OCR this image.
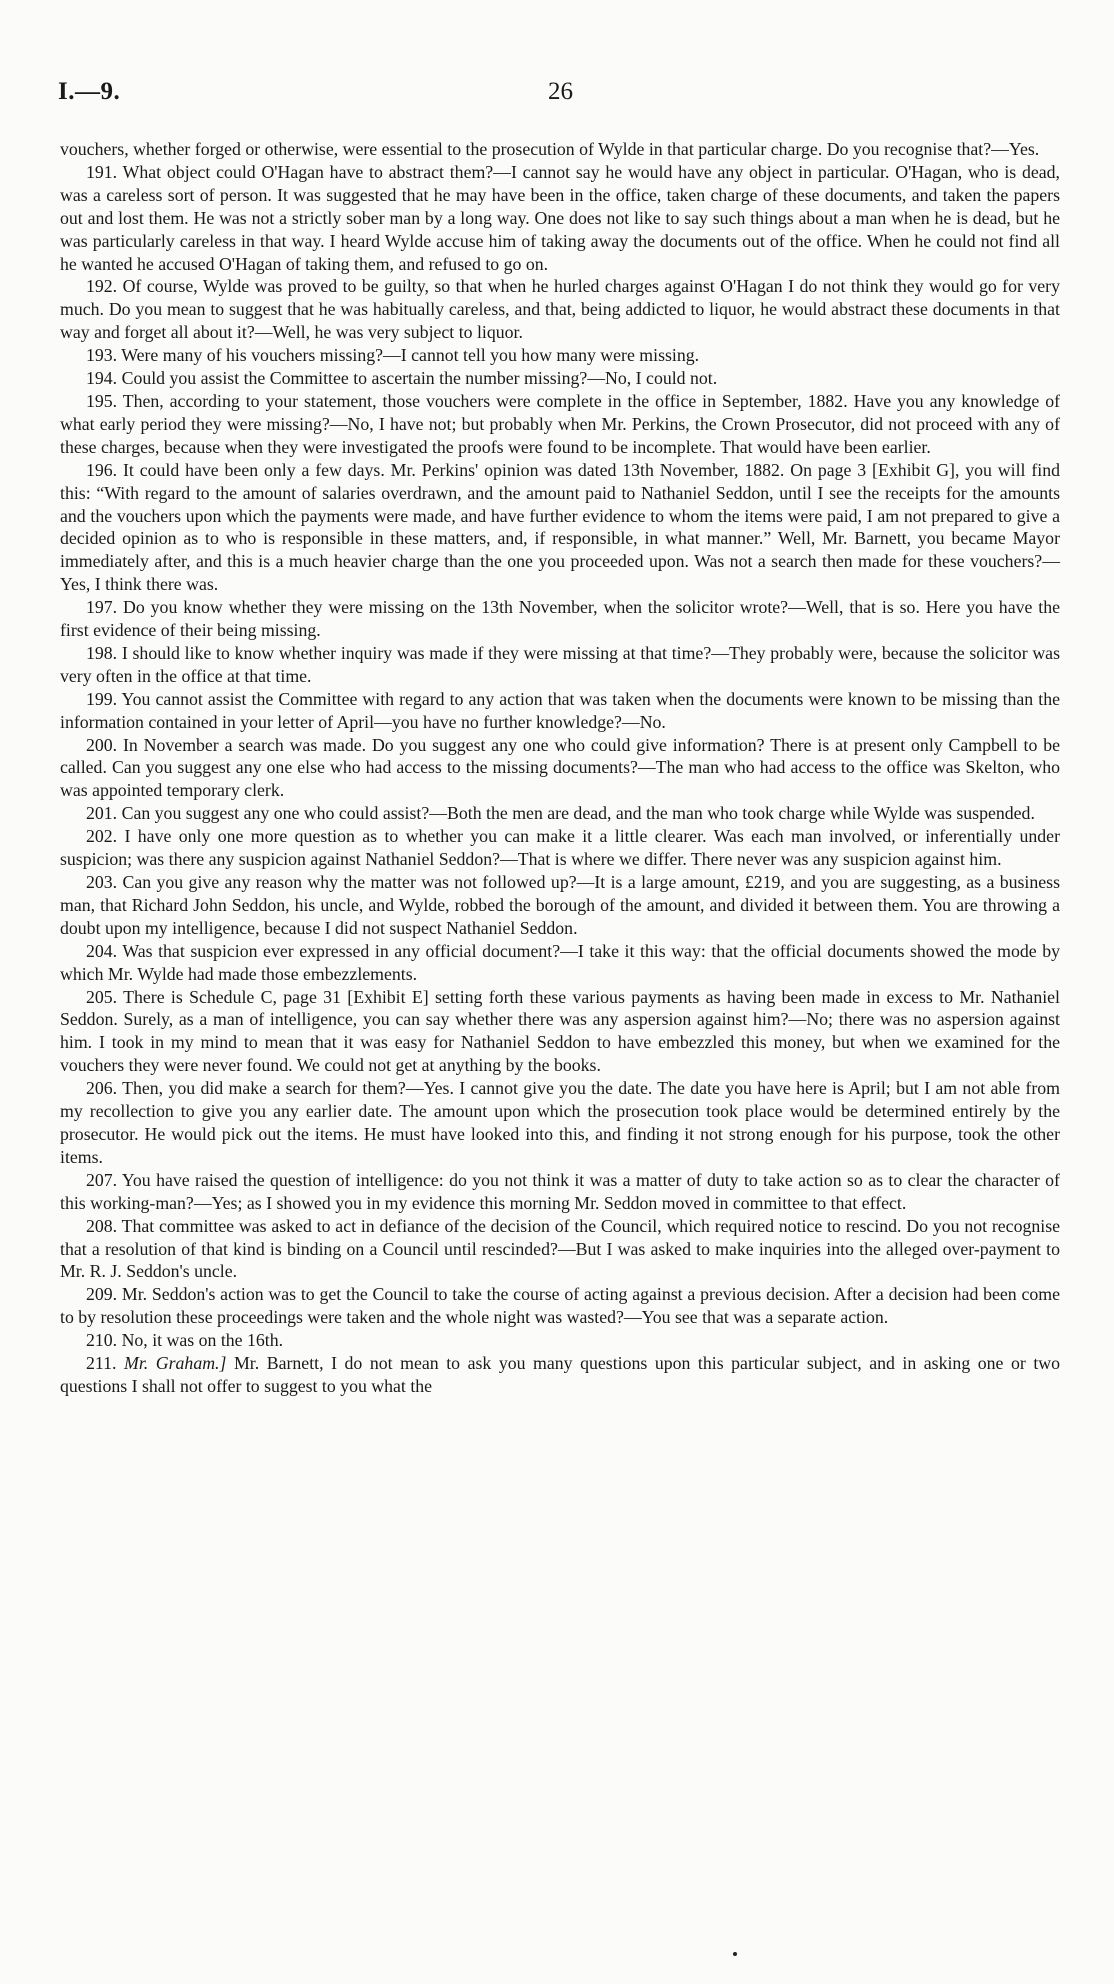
I.—9.	26

vouchers, whether forged or otherwise, were essential to the prosecution of Wylde in that particular charge. Do you recognise that?—Yes.

191. What object could O'Hagan have to abstract them?—I cannot say he would have any object in particular. O'Hagan, who is dead, was a careless sort of person. It was suggested that he may have been in the office, taken charge of these documents, and taken the papers out and lost them. He was not a strictly sober man by a long way. One does not like to say such things about a man when he is dead, but he was particularly careless in that way. I heard Wylde accuse him of taking away the documents out of the office. When he could not find all he wanted he accused O'Hagan of taking them, and refused to go on.

192. Of course, Wylde was proved to be guilty, so that when he hurled charges against O'Hagan I do not think they would go for very much. Do you mean to suggest that he was habitually careless, and that, being addicted to liquor, he would abstract these documents in that way and forget all about it?—Well, he was very subject to liquor.

193. Were many of his vouchers missing?—I cannot tell you how many were missing.

194. Could you assist the Committee to ascertain the number missing?—No, I could not.

195. Then, according to your statement, those vouchers were complete in the office in September, 1882. Have you any knowledge of what early period they were missing?—No, I have not; but probably when Mr. Perkins, the Crown Prosecutor, did not proceed with any of these charges, because when they were investigated the proofs were found to be incomplete. That would have been earlier.

196. It could have been only a few days. Mr. Perkins' opinion was dated 13th November, 1882. On page 3 [Exhibit G], you will find this: “With regard to the amount of salaries overdrawn, and the amount paid to Nathaniel Seddon, until I see the receipts for the amounts and the vouchers upon which the payments were made, and have further evidence to whom the items were paid, I am not prepared to give a decided opinion as to who is responsible in these matters, and, if responsible, in what manner.” Well, Mr. Barnett, you became Mayor immediately after, and this is a much heavier charge than the one you proceeded upon. Was not a search then made for these vouchers?—Yes, I think there was.

197. Do you know whether they were missing on the 13th November, when the solicitor wrote?—Well, that is so. Here you have the first evidence of their being missing.

198. I should like to know whether inquiry was made if they were missing at that time?—They probably were, because the solicitor was very often in the office at that time.

199. You cannot assist the Committee with regard to any action that was taken when the documents were known to be missing than the information contained in your letter of April—you have no further knowledge?—No.

200. In November a search was made. Do you suggest any one who could give information? There is at present only Campbell to be called. Can you suggest any one else who had access to the missing documents?—The man who had access to the office was Skelton, who was appointed temporary clerk.

201. Can you suggest any one who could assist?—Both the men are dead, and the man who took charge while Wylde was suspended.

202. I have only one more question as to whether you can make it a little clearer. Was each man involved, or inferentially under suspicion; was there any suspicion against Nathaniel Seddon?—That is where we differ. There never was any suspicion against him.

203. Can you give any reason why the matter was not followed up?—It is a large amount, £219, and you are suggesting, as a business man, that Richard John Seddon, his uncle, and Wylde, robbed the borough of the amount, and divided it between them. You are throwing a doubt upon my intelligence, because I did not suspect Nathaniel Seddon.

204. Was that suspicion ever expressed in any official document?—I take it this way: that the official documents showed the mode by which Mr. Wylde had made those embezzlements.

205. There is Schedule C, page 31 [Exhibit E] setting forth these various payments as having been made in excess to Mr. Nathaniel Seddon. Surely, as a man of intelligence, you can say whether there was any aspersion against him?—No; there was no aspersion against him. I took in my mind to mean that it was easy for Nathaniel Seddon to have embezzled this money, but when we examined for the vouchers they were never found. We could not get at anything by the books.

206. Then, you did make a search for them?—Yes. I cannot give you the date. The date you have here is April; but I am not able from my recollection to give you any earlier date. The amount upon which the prosecution took place would be determined entirely by the prosecutor. He would pick out the items. He must have looked into this, and finding it not strong enough for his purpose, took the other items.

207. You have raised the question of intelligence: do you not think it was a matter of duty to take action so as to clear the character of this working-man?—Yes; as I showed you in my evidence this morning Mr. Seddon moved in committee to that effect.

208. That committee was asked to act in defiance of the decision of the Council, which required notice to rescind. Do you not recognise that a resolution of that kind is binding on a Council until rescinded?—But I was asked to make inquiries into the alleged over-payment to Mr. R. J. Seddon's uncle.

209. Mr. Seddon's action was to get the Council to take the course of acting against a previous decision. After a decision had been come to by resolution these proceedings were taken and the whole night was wasted?—You see that was a separate action.

210. No, it was on the 16th.

211. Mr. Graham.] Mr. Barnett, I do not mean to ask you many questions upon this particular subject, and in asking one or two questions I shall not offer to suggest to you what the
